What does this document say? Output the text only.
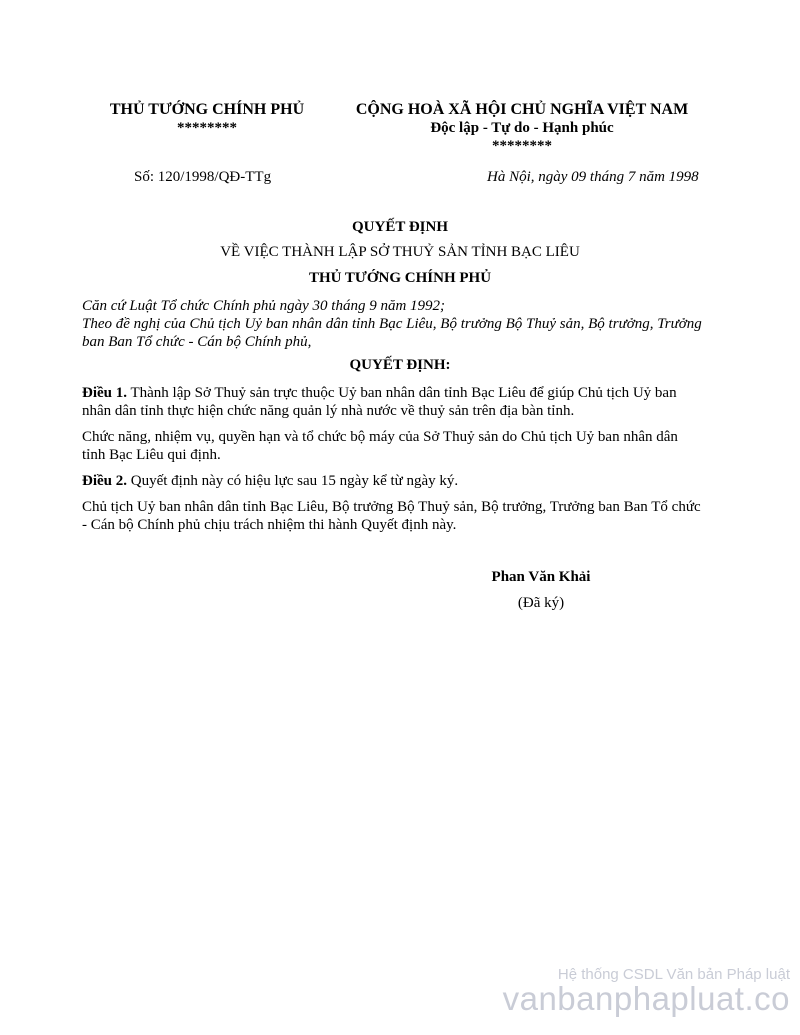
THỦ TƯỚNG CHÍNH PHỦ
********
CỘNG HOÀ XÃ HỘI CHỦ NGHĨA VIỆT NAM
Độc lập - Tự do - Hạnh phúc
********
Số: 120/1998/QĐ-TTg	Hà Nội, ngày 09 tháng 7 năm 1998
QUYẾT ĐỊNH
VỀ VIỆC THÀNH LẬP SỞ THUỶ SẢN TỈNH BẠC LIÊU
THỦ TƯỚNG CHÍNH PHỦ

Căn cứ Luật Tổ chức Chính phủ ngày 30 tháng 9 năm 1992;

Theo đề nghị của Chủ tịch Uỷ ban nhân dân tỉnh Bạc Liêu, Bộ trưởng Bộ Thuỷ sản, Bộ trưởng, Trưởng ban Ban Tổ chức - Cán bộ Chính phủ,

QUYẾT ĐỊNH:

Điều 1. Thành lập Sở Thuỷ sản trực thuộc Uỷ ban nhân dân tỉnh Bạc Liêu để giúp Chủ tịch Uỷ ban nhân dân tỉnh thực hiện chức năng quản lý nhà nước về thuỷ sản trên địa bàn tỉnh.

Chức năng, nhiệm vụ, quyền hạn và tổ chức bộ máy của Sở Thuỷ sản do Chủ tịch Uỷ ban nhân dân tỉnh Bạc Liêu qui định.

Điều 2. Quyết định này có hiệu lực sau 15 ngày kể từ ngày ký.

Chủ tịch Uỷ ban nhân dân tỉnh Bạc Liêu, Bộ trưởng Bộ Thuỷ sản, Bộ trưởng, Trưởng ban Ban Tổ chức - Cán bộ Chính phủ chịu trách nhiệm thi hành Quyết định này.

Phan Văn Khải
(Đã ký)
Hệ thống CSDL Văn bản Pháp luật
vanbanphapluat.co
